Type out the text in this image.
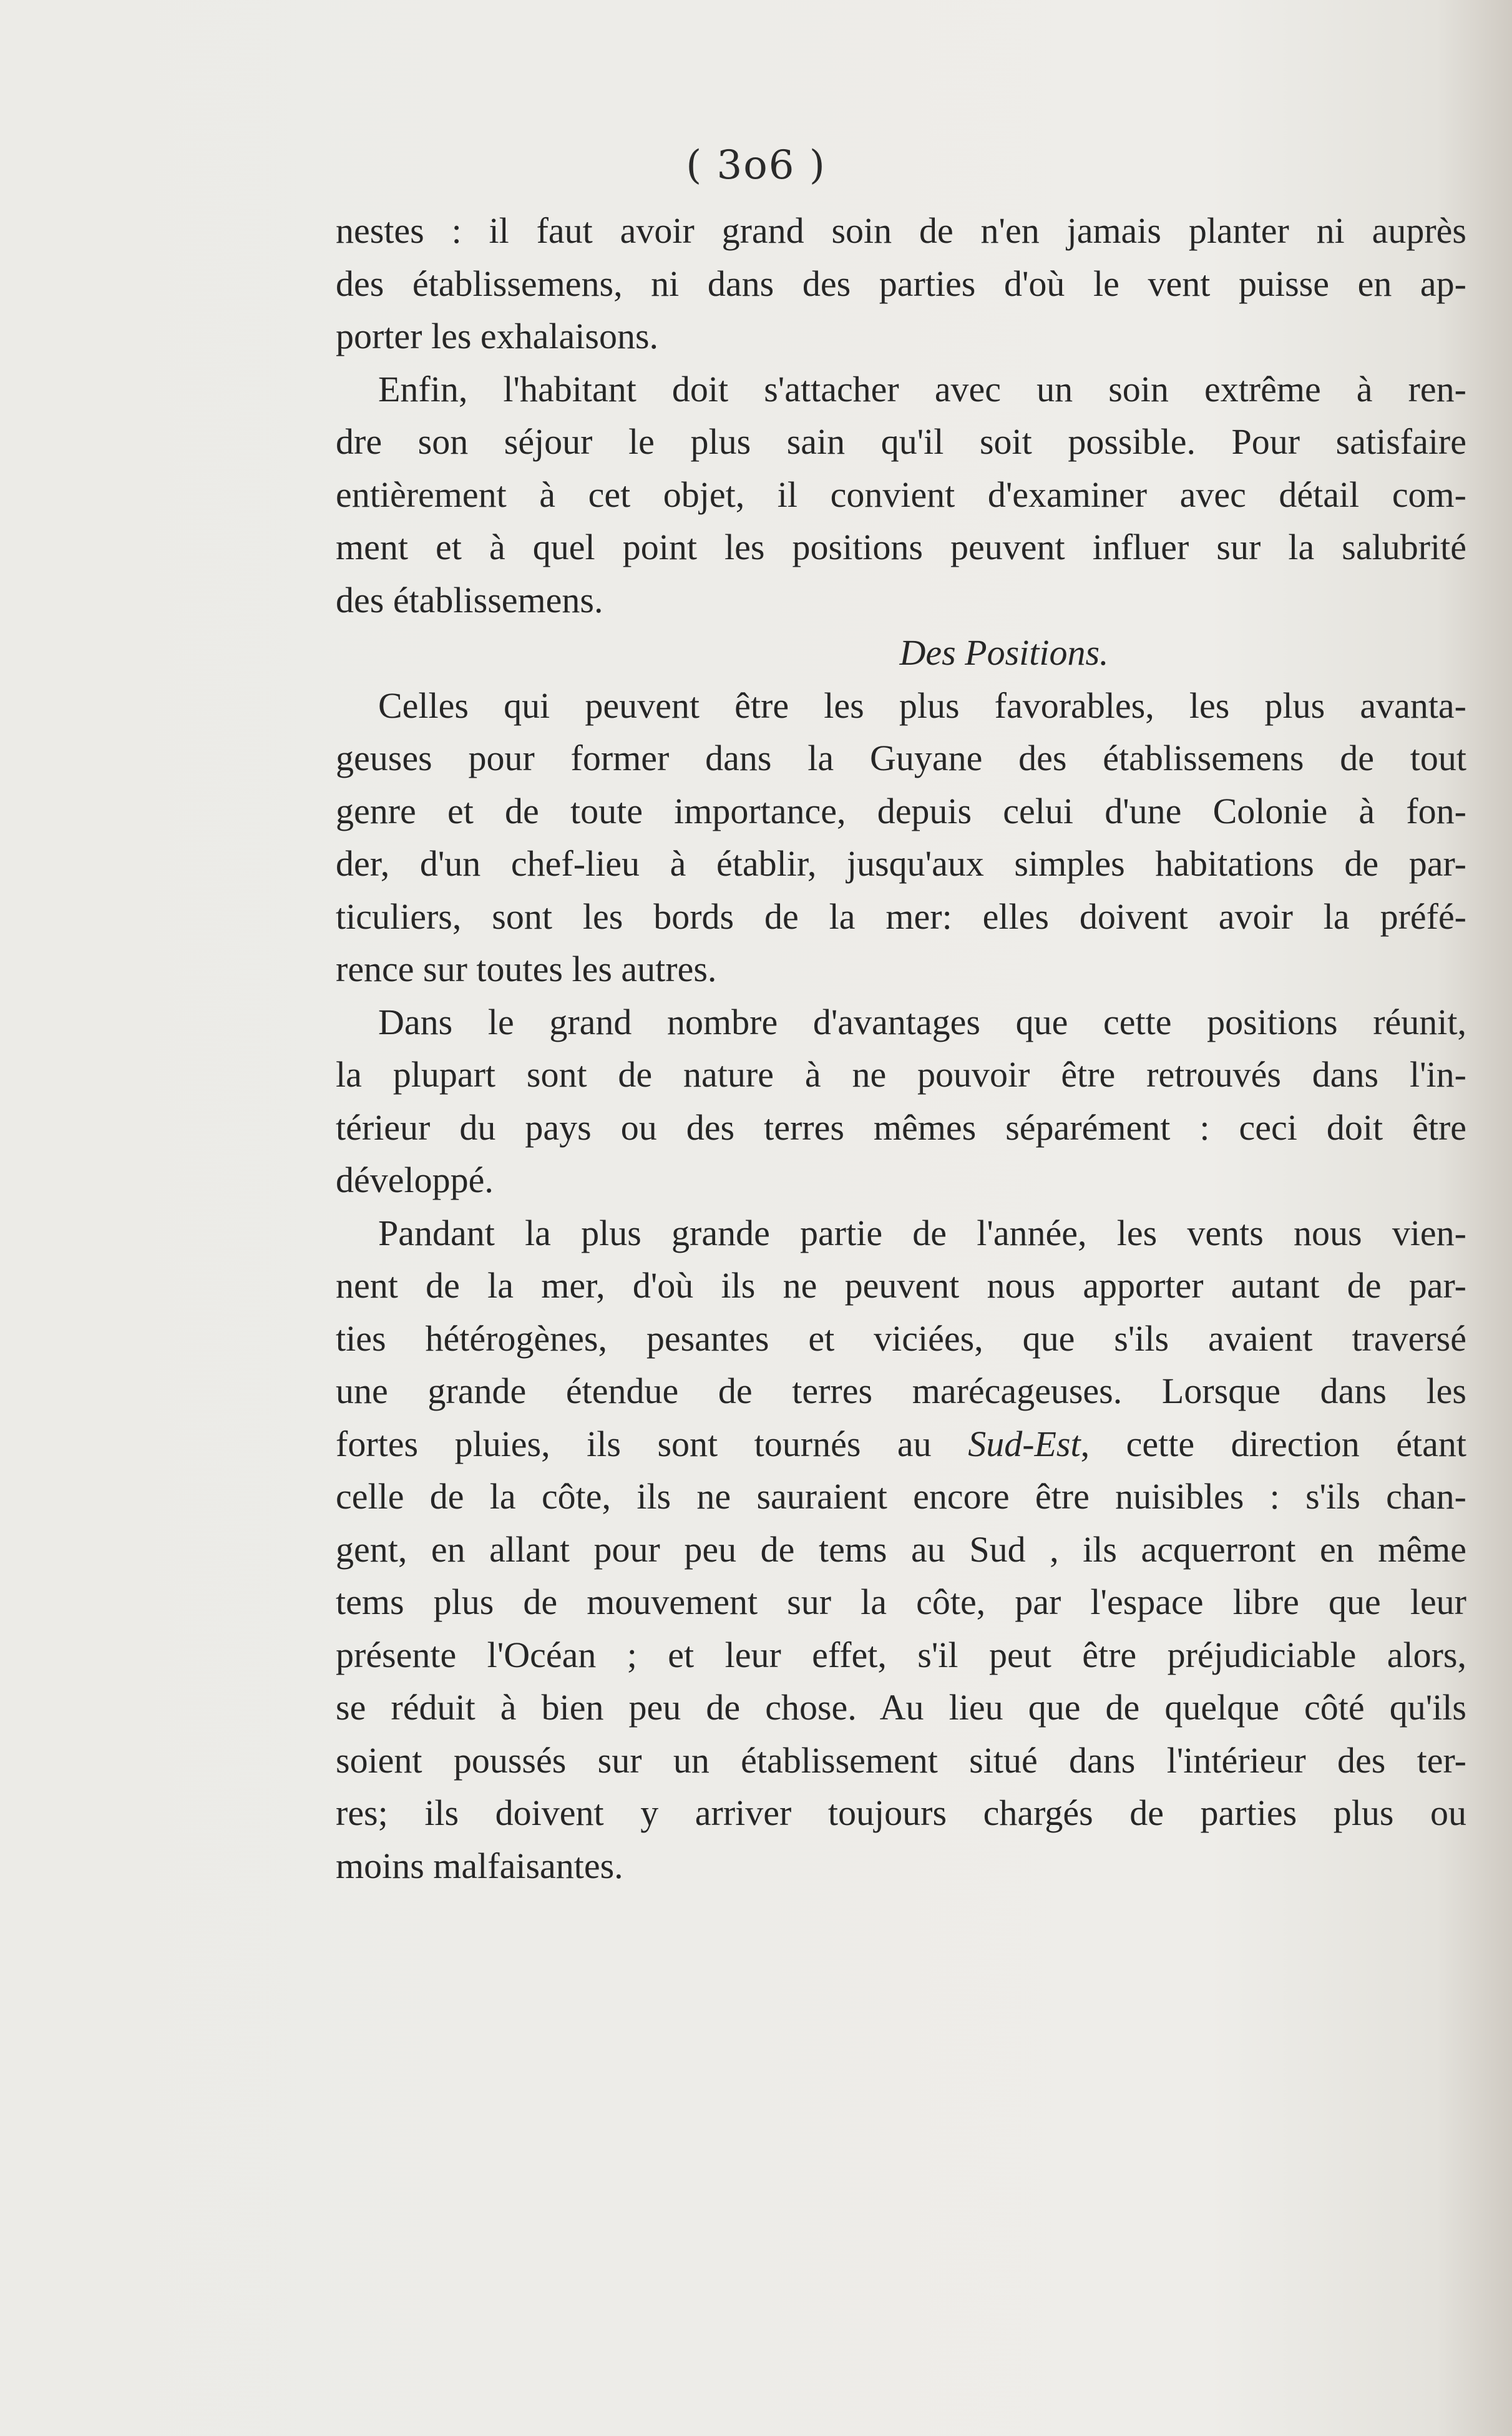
( 3o6 )
nestes : il faut avoir grand soin de n'en jamais planter ni auprès
des établissemens, ni dans des parties d'où le vent puisse en ap-
porter les exhalaisons.
Enfin, l'habitant doit s'attacher avec un soin extrême à ren-
dre son séjour le plus sain qu'il soit possible. Pour satisfaire
entièrement à cet objet, il convient d'examiner avec détail com-
ment et à quel point les positions peuvent influer sur la salubrité
des établissemens.
Des Positions.
Celles qui peuvent être les plus favorables, les plus avanta-
geuses pour former dans la Guyane des établissemens de tout
genre et de toute importance, depuis celui d'une Colonie à fon-
der, d'un chef-lieu à établir, jusqu'aux simples habitations de par-
ticuliers, sont les bords de la mer: elles doivent avoir la préfé-
rence sur toutes les autres.
Dans le grand nombre d'avantages que cette positions réunit,
la plupart sont de nature à ne pouvoir être retrouvés dans l'in-
térieur du pays ou des terres mêmes séparément : ceci doit être
développé.
Pandant la plus grande partie de l'année, les vents nous vien-
nent de la mer, d'où ils ne peuvent nous apporter autant de par-
ties hétérogènes, pesantes et viciées, que s'ils avaient traversé
une grande étendue de terres marécageuses. Lorsque dans les
fortes pluies, ils sont tournés au Sud-Est, cette direction étant
celle de la côte, ils ne sauraient encore être nuisibles : s'ils chan-
gent, en allant pour peu de tems au Sud , ils acquerront en même
tems plus de mouvement sur la côte, par l'espace libre que leur
présente l'Océan ; et leur effet, s'il peut être préjudiciable alors,
se réduit à bien peu de chose. Au lieu que de quelque côté qu'ils
soient poussés sur un établissement situé dans l'intérieur des ter-
res; ils doivent y arriver toujours chargés de parties plus ou
moins malfaisantes.
